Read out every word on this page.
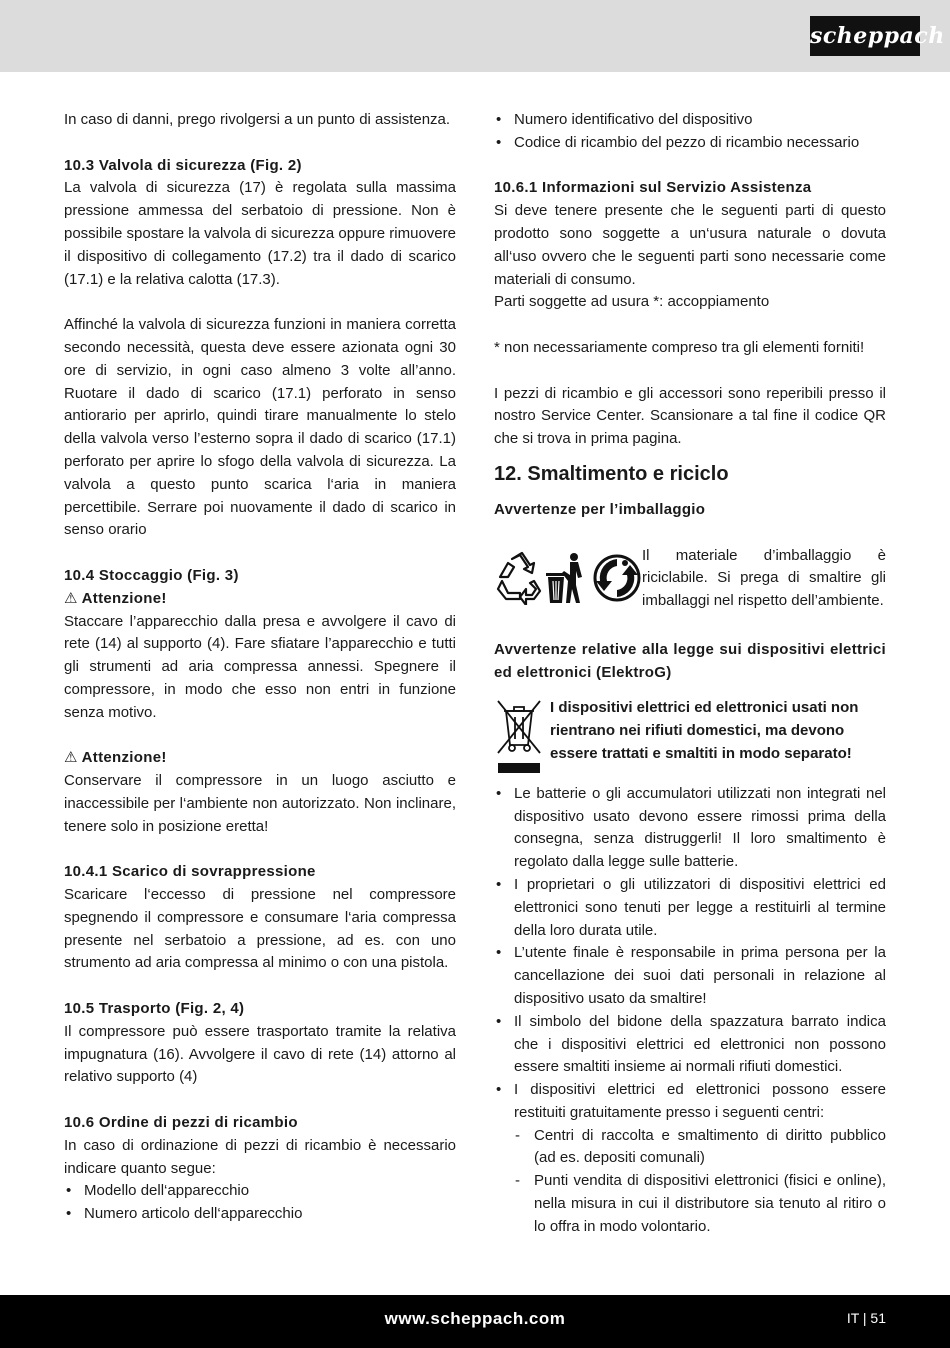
scheppach

In caso di danni, prego rivolgersi a un punto di assistenza.

10.3 Valvola di sicurezza (Fig. 2)

La valvola di sicurezza (17) è regolata sulla massima pressione ammessa del serbatoio di pressione. Non è possibile spostare la valvola di sicurezza oppure rimuovere il dispositivo di collegamento (17.2) tra il dado di scarico (17.1) e la relativa calotta (17.3).

Affinché la valvola di sicurezza funzioni in maniera corretta secondo necessità, questa deve essere azionata ogni 30 ore di servizio, in ogni caso almeno 3 volte all’anno. Ruotare il dado di scarico (17.1) perforato in senso antiorario per aprirlo, quindi tirare manualmente lo stelo della valvola verso l’esterno sopra il dado di scarico (17.1) perforato per aprire lo sfogo della valvola di sicurezza. La valvola a questo punto scarica l‘aria in maniera percettibile. Serrare poi nuovamente il dado di scarico in senso orario

10.4 Stoccaggio (Fig. 3)

⚠ Attenzione!

Staccare l’apparecchio dalla presa e avvolgere il cavo di rete (14) al supporto (4). Fare sfiatare l’apparecchio e tutti gli strumenti ad aria compressa annessi. Spegnere il compressore, in modo che esso non entri in funzione senza motivo.

⚠ Attenzione!

Conservare il compressore in un luogo asciutto e inaccessibile per l‘ambiente non autorizzato. Non inclinare, tenere solo in posizione eretta!

10.4.1 Scarico di sovrappressione

Scaricare l‘eccesso di pressione nel compressore spegnendo il compressore e consumare l‘aria compressa presente nel serbatoio a pressione, ad es. con uno strumento ad aria compressa al minimo o con una pistola.

10.5 Trasporto (Fig. 2, 4)

Il compressore può essere trasportato tramite la relativa impugnatura (16). Avvolgere il cavo di rete (14) attorno al relativo supporto (4)

10.6 Ordine di pezzi di ricambio

In caso di ordinazione di pezzi di ricambio è necessario indicare quanto segue:

• Modello dell‘apparecchio
• Numero articolo dell‘apparecchio
• Numero identificativo del dispositivo
• Codice di ricambio del pezzo di ricambio necessario

10.6.1 Informazioni sul Servizio Assistenza

Si deve tenere presente che le seguenti parti di questo prodotto sono soggette a un‘usura naturale o dovuta all‘uso ovvero che le seguenti parti sono necessarie come materiali di consumo.

Parti soggette ad usura *: accoppiamento

* non necessariamente compreso tra gli elementi forniti!

I pezzi di ricambio e gli accessori sono reperibili presso il nostro Service Center. Scansionare a tal fine il codice QR che si trova in prima pagina.

12. Smaltimento e riciclo

Avvertenze per l’imballaggio

Il materiale d’imballaggio è riciclabile. Si prega di smaltire gli imballaggi nel rispetto dell’ambiente.

Avvertenze relative alla legge sui dispositivi elettrici ed elettronici (ElektroG)

I dispositivi elettrici ed elettronici usati non rientrano nei rifiuti domestici, ma devono essere trattati e smaltiti in modo separato!

• Le batterie o gli accumulatori utilizzati non integrati nel dispositivo usato devono essere rimossi prima della consegna, senza distruggerli! Il loro smaltimento è regolato dalla legge sulle batterie.
• I proprietari o gli utilizzatori di dispositivi elettrici ed elettronici sono tenuti per legge a restituirli al termine della loro durata utile.
• L’utente finale è responsabile in prima persona per la cancellazione dei suoi dati personali in relazione al dispositivo usato da smaltire!
• Il simbolo del bidone della spazzatura barrato indica che i dispositivi elettrici ed elettronici non possono essere smaltiti insieme ai normali rifiuti domestici.
• I dispositivi elettrici ed elettronici possono essere restituiti gratuitamente presso i seguenti centri:
- Centri di raccolta e smaltimento di diritto pubblico (ad es. depositi comunali)
- Punti vendita di dispositivi elettronici (fisici e online), nella misura in cui il distributore sia tenuto al ritiro o lo offra in modo volontario.
www.scheppach.com	IT | 51
